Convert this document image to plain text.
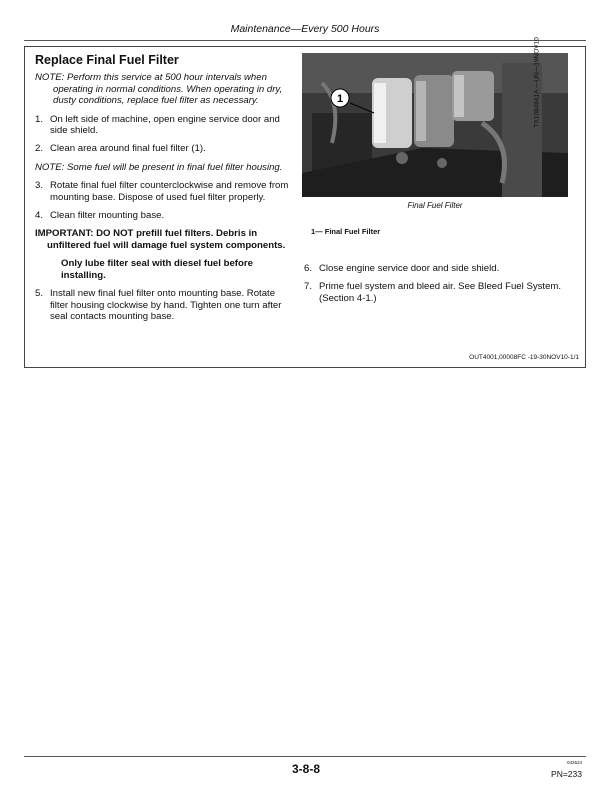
Maintenance—Every 500 Hours
Replace Final Fuel Filter
NOTE: Perform this service at 500 hour intervals when operating in normal conditions. When operating in dry, dusty conditions, replace fuel filter as necessary.
1. On left side of machine, open engine service door and side shield.
2. Clean area around final fuel filter (1).
NOTE: Some fuel will be present in final fuel filter housing.
3. Rotate final fuel filter counterclockwise and remove from mounting base. Dispose of used fuel filter properly.
4. Clean filter mounting base.
IMPORTANT: DO NOT prefill fuel filters. Debris in unfiltered fuel will damage fuel system components.
Only lube filter seal with diesel fuel before installing.
5. Install new final fuel filter onto mounting base. Rotate filter housing clockwise by hand. Tighten one turn after seal contacts mounting base.
1
Final Fuel Filter
1— Final Fuel Filter
6. Close engine service door and side shield.
7. Prime fuel system and bleed air. See Bleed Fuel System. (Section 4-1.)
OUT4001,00008FC -19-30NOV10-1/1
3-8-8	042524
PN=233
